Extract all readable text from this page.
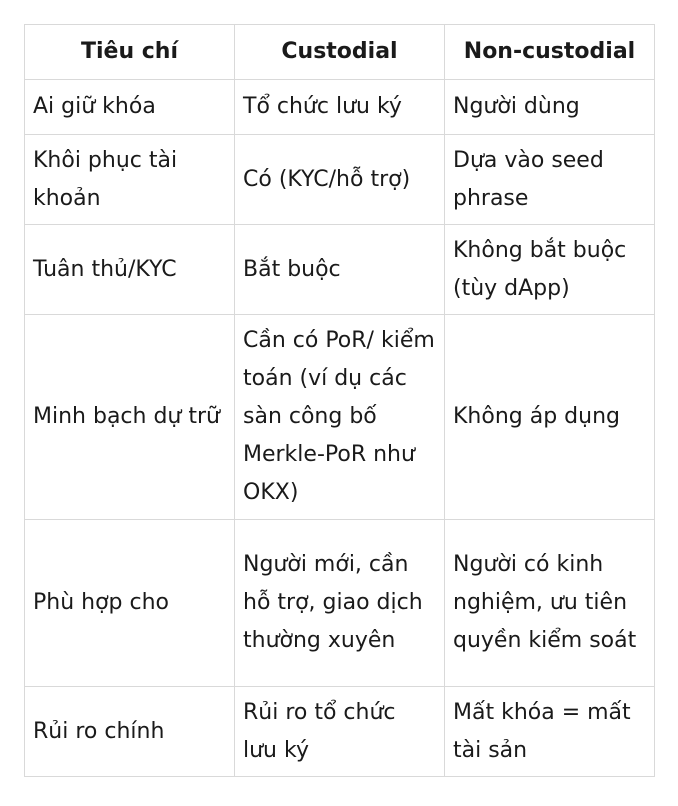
Tiêu chí	Custodial	Non-custodial
Ai giữ khóa	Tổ chức lưu ký	Người dùng
Khôi phục tài khoản	Có (KYC/hỗ trợ)	Dựa vào seed phrase
Tuân thủ/KYC	Bắt buộc	Không bắt buộc (tùy dApp)
Minh bạch dự trữ	Cần có PoR/ kiểm toán (ví dụ các sàn công bố Merkle-PoR như OKX)	Không áp dụng
Phù hợp cho	Người mới, cần hỗ trợ, giao dịch thường xuyên	Người có kinh nghiệm, ưu tiên quyền kiểm soát
Rủi ro chính	Rủi ro tổ chức lưu ký	Mất khóa = mất tài sản
